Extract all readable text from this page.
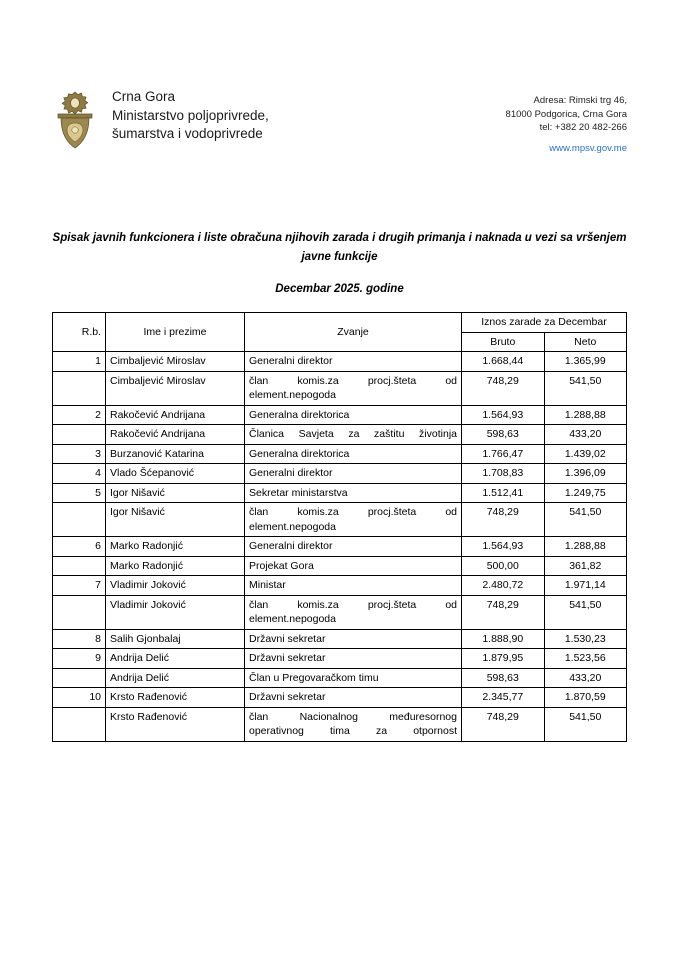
Crna Gora
Ministarstvo poljoprivrede,
šumarstva i vodoprivrede
Adresa: Rimski trg 46,
81000 Podgorica, Crna Gora
tel: +382 20 482-266
www.mpsv.gov.me
Spisak javnih funkcionera i liste obračuna njihovih zarada i drugih primanja i naknada u vezi sa vršenjem javne funkcije
Decembar 2025. godine
R.b.	Ime i prezime	Zvanje	Iznos zarade za Decembar	
			Bruto	Neto
1	Cimbaljević Miroslav	Generalni direktor	1.668,44	1.365,99
	Cimbaljević Miroslav	član komis.za procj.šteta od element.nepogoda	748,29	541,50
2	Rakočević Andrijana	Generalna direktorica	1.564,93	1.288,88
	Rakočević Andrijana	Članica Savjeta za zaštitu životinja	598,63	433,20
3	Burzanović Katarina	Generalna direktorica	1.766,47	1.439,02
4	Vlado Šćepanović	Generalni direktor	1.708,83	1.396,09
5	Igor Nišavić	Sekretar ministarstva	1.512,41	1.249,75
	Igor Nišavić	član komis.za procj.šteta od element.nepogoda	748,29	541,50
6	Marko Radonjić	Generalni direktor	1.564,93	1.288,88
	Marko Radonjić	Projekat Gora	500,00	361,82
7	Vladimir Joković	Ministar	2.480,72	1.971,14
	Vladimir Joković	član komis.za procj.šteta od element.nepogoda	748,29	541,50
8	Salih Gjonbalaj	Državni sekretar	1.888,90	1.530,23
9	Andrija Delić	Državni sekretar	1.879,95	1.523,56
	Andrija Delić	Član u Pregovaračkom timu	598,63	433,20
10	Krsto Rađenović	Državni sekretar	2.345,77	1.870,59
	Krsto Rađenović	član Nacionalnog međuresornog operativnog tima za otpornost	748,29	541,50
